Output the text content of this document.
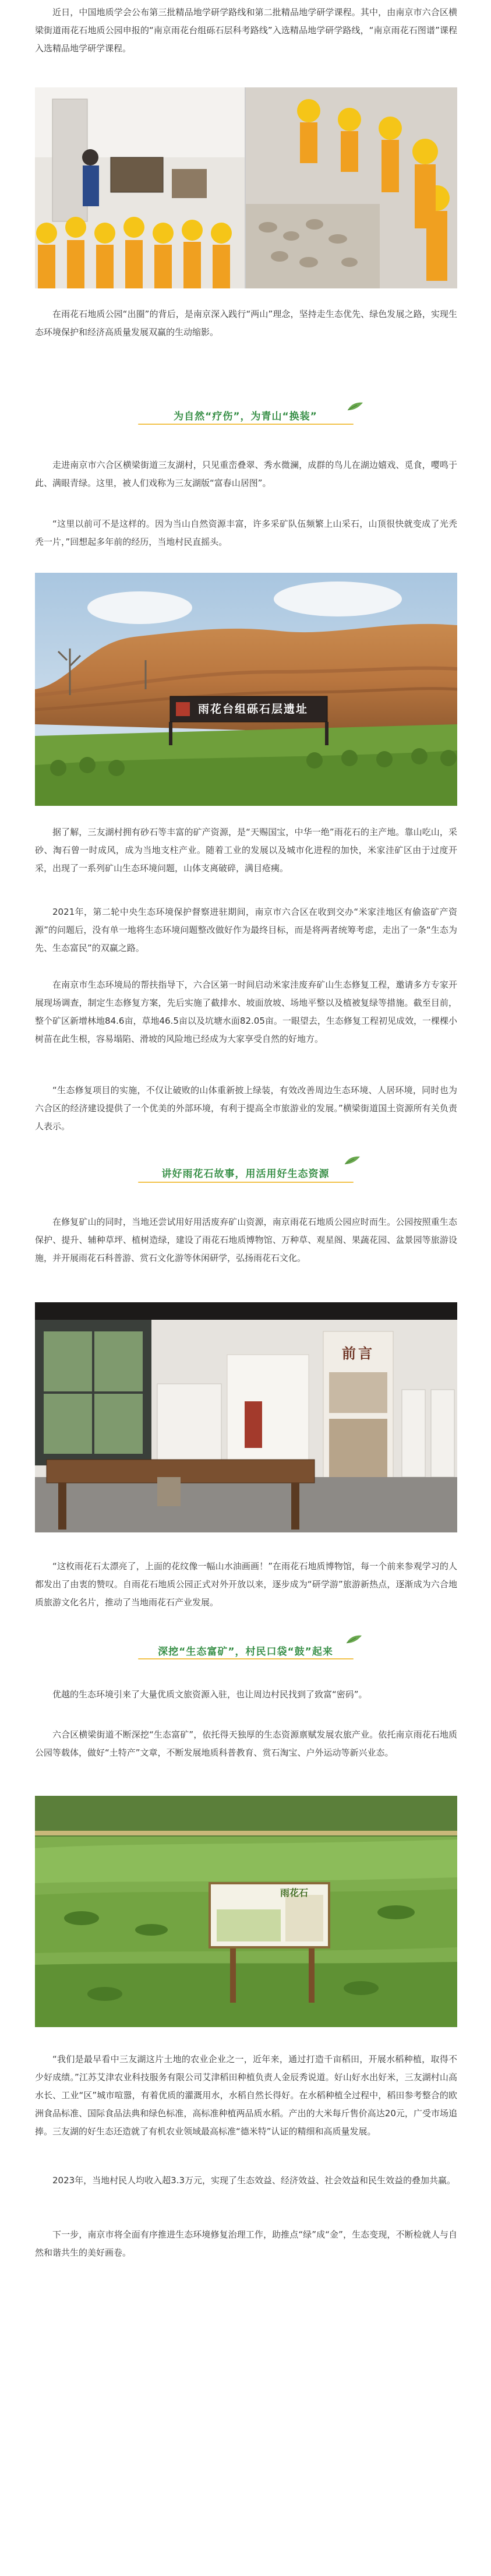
近日，中国地质学会公布第三批精品地学研学路线和第二批精品地学研学课程。其中，由南京市六合区横梁街道雨花石地质公园申报的“南京雨花台组砾石层科考路线”入选精品地学研学路线，“南京雨花石图谱”课程入选精品地学研学课程。

在雨花石地质公园“出圈”的背后，是南京深入践行“两山”理念，坚持走生态优先、绿色发展之路，实现生态环境保护和经济高质量发展双赢的生动缩影。

为自然“疗伤”，为青山“换装”

走进南京市六合区横梁街道三友湖村，只见重峦叠翠、秀水微澜，成群的鸟儿在湖边嬉戏、觅食，嘤鸣于此、满眼青绿。这里，被人们戏称为三友湖版“富春山居图”。

“这里以前可不是这样的。因为当山自然资源丰富，许多采矿队伍频繁上山采石，山顶很快就变成了光秃秃一片，”回想起多年前的经历，当地村民直摇头。

雨花台组砾石层遗址

据了解，三友湖村拥有砂石等丰富的矿产资源，是“天赐国宝，中华一绝”雨花石的主产地。靠山吃山，采砂、淘石曾一时成风，成为当地支柱产业。随着工业的发展以及城市化进程的加快，米家洼矿区由于过度开采，出现了一系列矿山生态环境问题，山体支离破碎，满目疮痍。

2021年，第二轮中央生态环境保护督察进驻期间，南京市六合区在收到交办“米家洼地区有偷盗矿产资源”的问题后，没有单一地将生态环境问题整改做好作为最终目标，而是将两者统筹考虑，走出了一条“生态为先、生态富民”的双赢之路。

在南京市生态环境局的帮扶指导下，六合区第一时间启动米家洼废弃矿山生态修复工程，邀请多方专家开展现场调查，制定生态修复方案，先后实施了截排水、坡面放坡、场地平整以及植被复绿等措施。截至目前，整个矿区新增林地84.6亩，草地46.5亩以及坑塘水面82.05亩。一眼望去，生态修复工程初见成效，一棵棵小树苗在此生根，容易塌陷、滑坡的风险地已经成为大家享受自然的好地方。

“生态修复项目的实施，不仅让破败的山体重新披上绿装，有效改善周边生态环境、人居环境，同时也为六合区的经济建设提供了一个优美的外部环境，有利于提高全市旅游业的发展。”横梁街道国土资源所有关负责人表示。

讲好雨花石故事，用活用好生态资源

在修复矿山的同时，当地还尝试用好用活废弃矿山资源，南京雨花石地质公园应时而生。公园按照重生态保护、提升、辅种草坪、植树造绿，建设了雨花石地质博物馆、万种草、观星阁、果蔬花园、盆景园等旅游设施，并开展雨花石科普游、赏石文化游等休闲研学，弘扬雨花石文化。

前言

“这枚雨花石太漂亮了，上面的花纹像一幅山水油画画！”在雨花石地质博物馆，每一个前来参观学习的人都发出了由衷的赞叹。自雨花石地质公园正式对外开放以来，逐步成为“研学游”旅游新热点，逐渐成为六合地质旅游文化名片，推动了当地雨花石产业发展。

深挖“生态富矿”，村民口袋“鼓”起来

优越的生态环境引来了大量优质文旅资源入驻，也让周边村民找到了致富“密码”。

六合区横梁街道不断深挖“生态富矿”，依托得天独厚的生态资源禀赋发展农旅产业。依托南京雨花石地质公园等载体，做好“土特产”文章，不断发展地质科普教育、赏石淘宝、户外运动等新兴业态。

雨花石

“我们是最早看中三友湖这片土地的农业企业之一，近年来，通过打造千亩稻田，开展水稻种植，取得不少好成绩。”江苏艾津农业科技服务有限公司艾津稻田种植负责人金辰秀说道。好山好水出好米，三友湖村山高水长、工业“区”城市喧嚣，有着优质的灌溉用水，水稻自然长得好。在水稻种植全过程中，稻田参考整合的欧洲食品标准、国际食品法典和绿色标准，高标准种植两品质水稻。产出的大米每斤售价高达20元，广受市场追捧。三友湖的好生态还造就了有机农业领域最高标准“德米特”认证的精细和高质量发展。

2023年，当地村民人均收入超3.3万元，实现了生态效益、经济效益、社会效益和民生效益的叠加共赢。

下一步，南京市将全面有序推进生态环境修复治理工作，助推点“绿”成“金”，生态变现，不断检就人与自然和谐共生的美好画卷。
